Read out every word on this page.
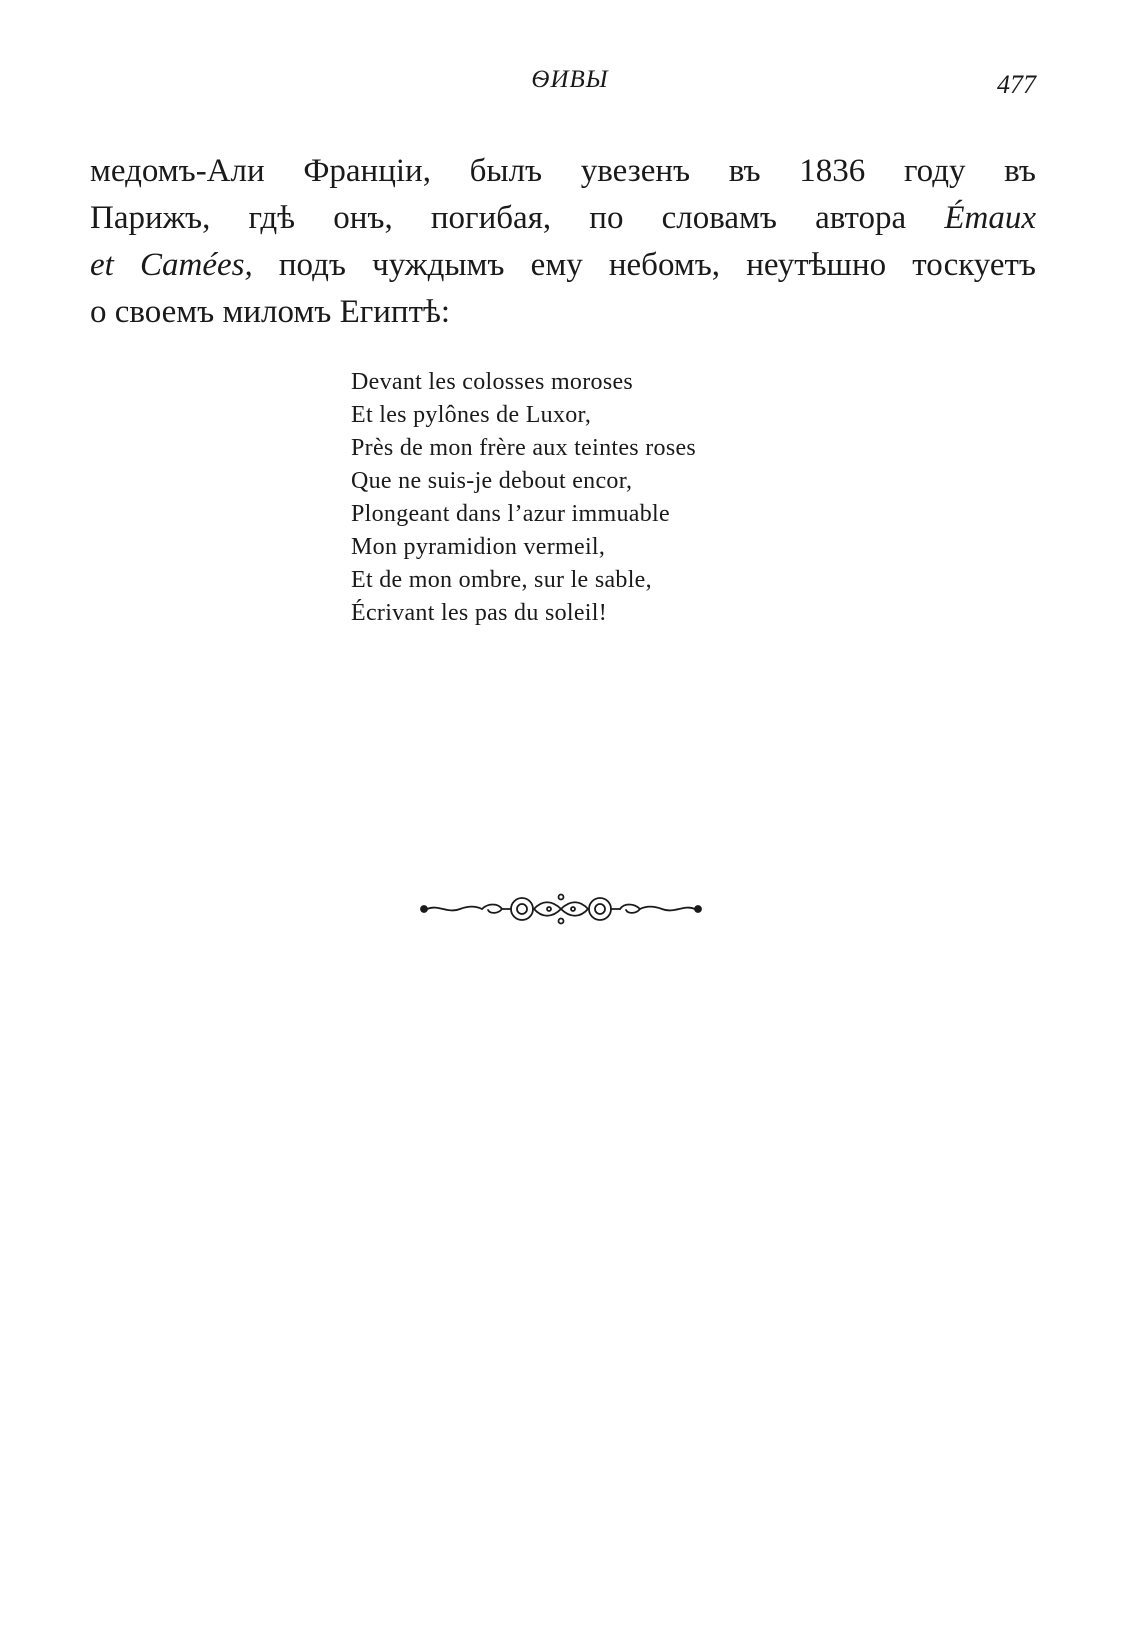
ѲИВЫ	477
медомъ-Али Франціи, былъ увезенъ въ 1836 году въ
Парижъ, гдѣ онъ, погибая, по словамъ автора Émaux
et Camées, подъ чуждымъ ему небомъ, неутѣшно тоскуетъ
о своемъ миломъ Египтѣ:
Devant les colosses moroses
Et les pylônes de Luxor,
Près de mon frère aux teintes roses
Que ne suis-je debout encor,
Plongeant dans l’azur immuable
Mon pyramidion vermeil,
Et de mon ombre, sur le sable,
Écrivant les pas du soleil!
